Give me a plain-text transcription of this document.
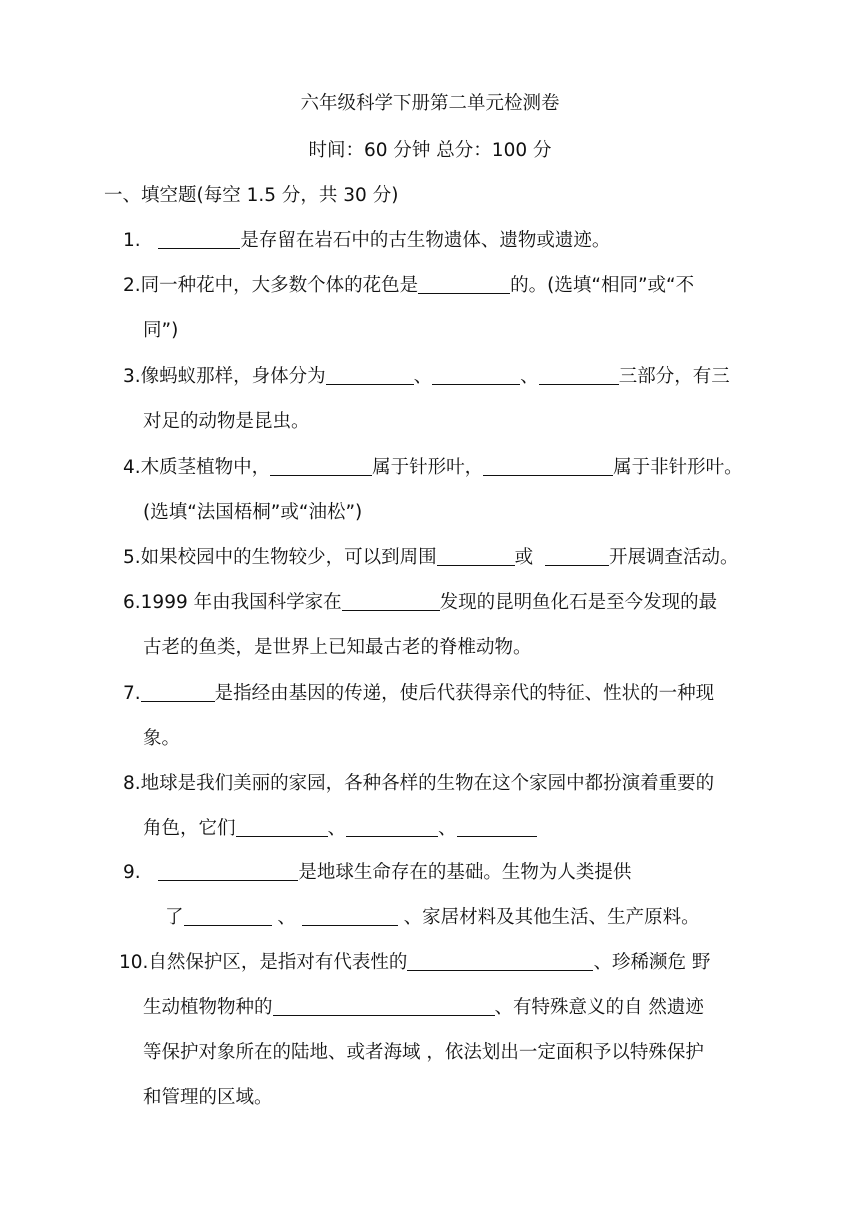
六年级科学下册第二单元检测卷

时间：60 分钟 总分：100 分

一、填空题(每空 1.5 分，共 30 分)

1.	是存留在岩石中的古生物遗体、遗物或遗迹。

2.同一种花中，大多数个体的花色是	的。(选填“相同”或“不

同”)

3.像蚂蚁那样，身体分为	、	、	三部分，有三

对足的动物是昆虫。

4.木质茎植物中，	属于针形叶，	属于非针形叶。

(选填“法国梧桐”或“油松”)

5.如果校园中的生物较少，可以到周围	或	开展调查活动。

6.1999 年由我国科学家在	发现的昆明鱼化石是至今发现的最

古老的鱼类，是世界上已知最古老的脊椎动物。

7.	是指经由基因的传递，使后代获得亲代的特征、性状的一种现

象。

8.地球是我们美丽的家园，各种各样的生物在这个家园中都扮演着重要的

角色，它们	、	、

9.	是地球生命存在的基础。生物为人类提供

了	、	、家居材料及其他生活、生产原料。

10.自然保护区，是指对有代表性的	、珍稀濒危 野

生动植物物种的	、有特殊意义的自 然遗迹

等保护对象所在的陆地、或者海域 ，依法划出一定面积予以特殊保护

和管理的区域。
